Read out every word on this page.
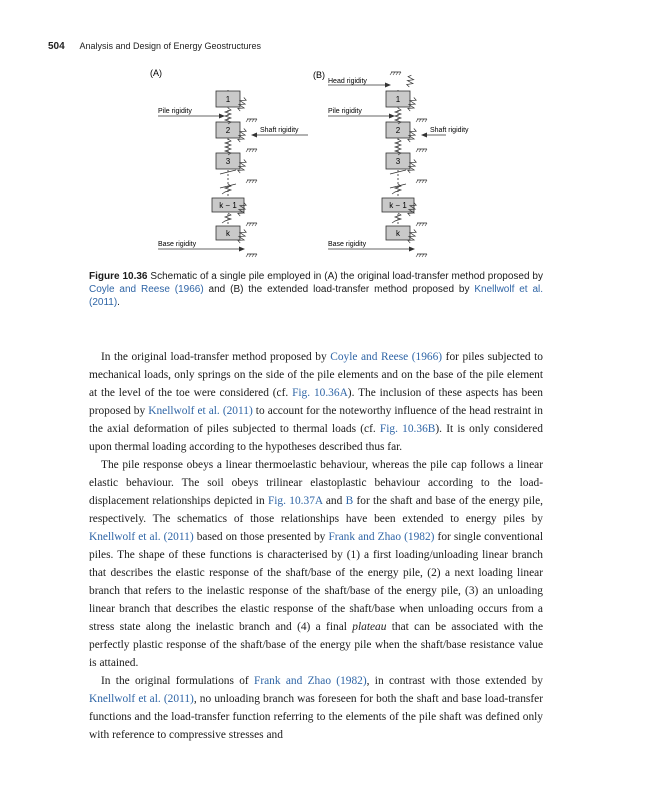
504 Analysis and Design of Energy Geostructures
(A)
1
2
3
k − 1
k
Pile rigidity
Shaft rigidity
Base rigidity
(B)
Head rigidity
1
2
3
k − 1
k
Pile rigidity
Shaft rigidity
Base rigidity
Figure 10.36 Schematic of a single pile employed in (A) the original load-transfer method proposed by Coyle and Reese (1966) and (B) the extended load-transfer method proposed by Knellwolf et al. (2011).

In the original load-transfer method proposed by Coyle and Reese (1966) for piles subjected to mechanical loads, only springs on the side of the pile elements and on the base of the pile element at the level of the toe were considered (cf. Fig. 10.36A). The inclusion of these aspects has been proposed by Knellwolf et al. (2011) to account for the noteworthy influence of the head restraint in the axial deformation of piles subjected to thermal loads (cf. Fig. 10.36B). It is only considered upon thermal loading according to the hypotheses described thus far.

The pile response obeys a linear thermoelastic behaviour, whereas the pile cap follows a linear elastic behaviour. The soil obeys trilinear elastoplastic behaviour according to the load-displacement relationships depicted in Fig. 10.37A and B for the shaft and base of the energy pile, respectively. The schematics of those relationships have been extended to energy piles by Knellwolf et al. (2011) based on those presented by Frank and Zhao (1982) for single conventional piles. The shape of these functions is characterised by (1) a first loading/unloading linear branch that describes the elastic response of the shaft/base of the energy pile, (2) a next loading linear branch that refers to the inelastic response of the shaft/base of the energy pile, (3) an unloading linear branch that describes the elastic response of the shaft/base when unloading occurs from a stress state along the inelastic branch and (4) a final plateau that can be associated with the perfectly plastic response of the shaft/base of the energy pile when the shaft/base resistance value is attained.

In the original formulations of Frank and Zhao (1982), in contrast with those extended by Knellwolf et al. (2011), no unloading branch was foreseen for both the shaft and base load-transfer functions and the load-transfer function referring to the elements of the pile shaft was defined only with reference to compressive stresses and
